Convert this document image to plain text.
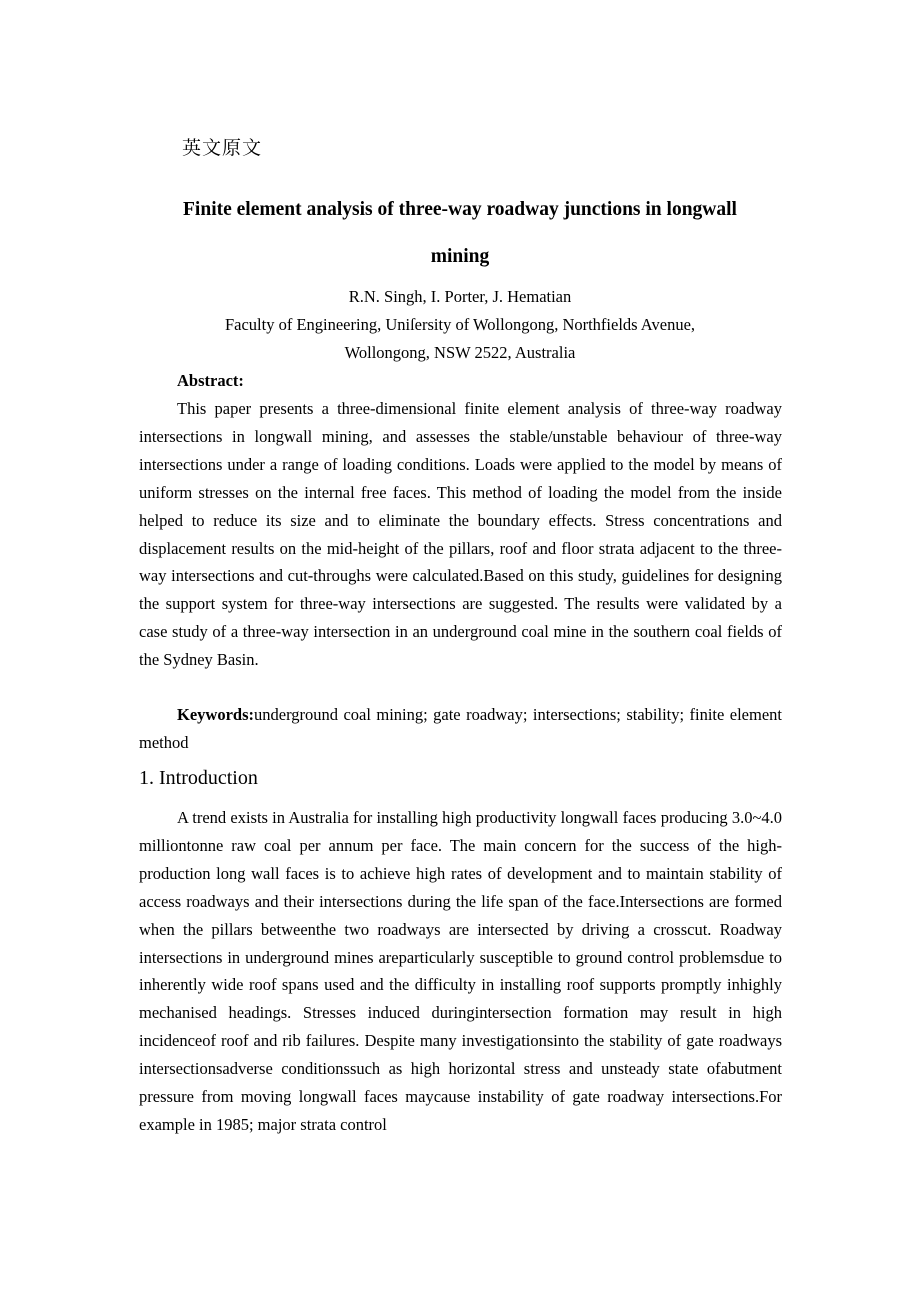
英文原文
Finite element analysis of three-way roadway junctions in longwall
mining
R.N. Singh, I. Porter, J. Hematian
Faculty of Engineering, Uniſersity of Wollongong, Northfields Avenue,
Wollongong, NSW 2522, Australia
Abstract:

This paper presents a three-dimensional finite element analysis of three-way roadway intersections in longwall mining, and assesses the stable/unstable behaviour of three-way intersections under a range of loading conditions. Loads were applied to the model by means of uniform stresses on the internal free faces. This method of loading the model from the inside helped to reduce its size and to eliminate the boundary effects. Stress concentrations and displacement results on the mid-height of the pillars, roof and floor strata adjacent to the three-way intersections and cut-throughs were calculated.Based on this study, guidelines for designing the support system for three-way intersections are suggested. The results were validated by a case study of a three-way intersection in an underground coal mine in the southern coal fields of the Sydney Basin.

Keywords:underground coal mining; gate roadway; intersections; stability; finite element method

1. Introduction

A trend exists in Australia for installing high productivity longwall faces producing 3.0~4.0 milliontonne raw coal per annum per face. The main concern for the success of the high-production long wall faces is to achieve high rates of development and to maintain stability of access roadways and their intersections during the life span of the face.Intersections are formed when the pillars betweenthe two roadways are intersected by driving a crosscut. Roadway intersections in underground mines areparticularly susceptible to ground control problemsdue to inherently wide roof spans used and the difficulty in installing roof supports promptly inhighly mechanised headings. Stresses induced duringintersection formation may result in high incidenceof roof and rib failures. Despite many investigationsinto the stability of gate roadways intersectionsadverse conditionssuch as high horizontal stress and unsteady state ofabutment pressure from moving longwall faces maycause instability of gate roadway intersections.For example in 1985; major strata control
